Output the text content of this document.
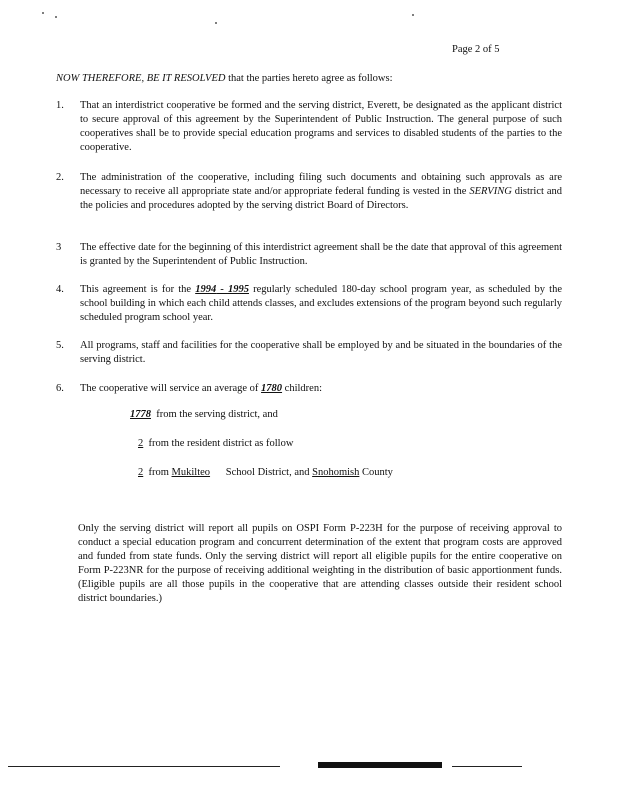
Page 2 of 5
NOW THEREFORE, BE IT RESOLVED that the parties hereto agree as follows:
1.	That an interdistrict cooperative be formed and the serving district, Everett, be designated as the applicant district to secure approval of this agreement by the Superintendent of Public Instruction. The general purpose of such cooperatives shall be to provide special education programs and services to disabled students of the parties to the cooperative.
2.	The administration of the cooperative, including filing such documents and obtaining such approvals as are necessary to receive all appropriate state and/or appropriate federal funding is vested in the SERVING district and the policies and procedures adopted by the serving district Board of Directors.
3	The effective date for the beginning of this interdistrict agreement shall be the date that approval of this agreement is granted by the Superintendent of Public Instruction.
4.	This agreement is for the 1994 - 1995 regularly scheduled 180-day school program year, as scheduled by the school building in which each child attends classes, and excludes extensions of the program beyond such regularly scheduled program school year.
5.	All programs, staff and facilities for the cooperative shall be employed by and be situated in the boundaries of the serving district.
6.	The cooperative will service an average of 1780 children:
1778  from the serving district, and
2  from the resident district as follow
2  from Mukilteo      School District, and Snohomish County
Only the serving district will report all pupils on OSPI Form P-223H for the purpose of receiving approval to conduct a special education program and concurrent determination of the extent that program costs are approved and funded from state funds. Only the serving district will report all eligible pupils for the entire cooperative on Form P-223NR for the purpose of receiving additional weighting in the distribution of basic apportionment funds. (Eligible pupils are all those pupils in the cooperative that are attending classes outside their resident school district boundaries.)
